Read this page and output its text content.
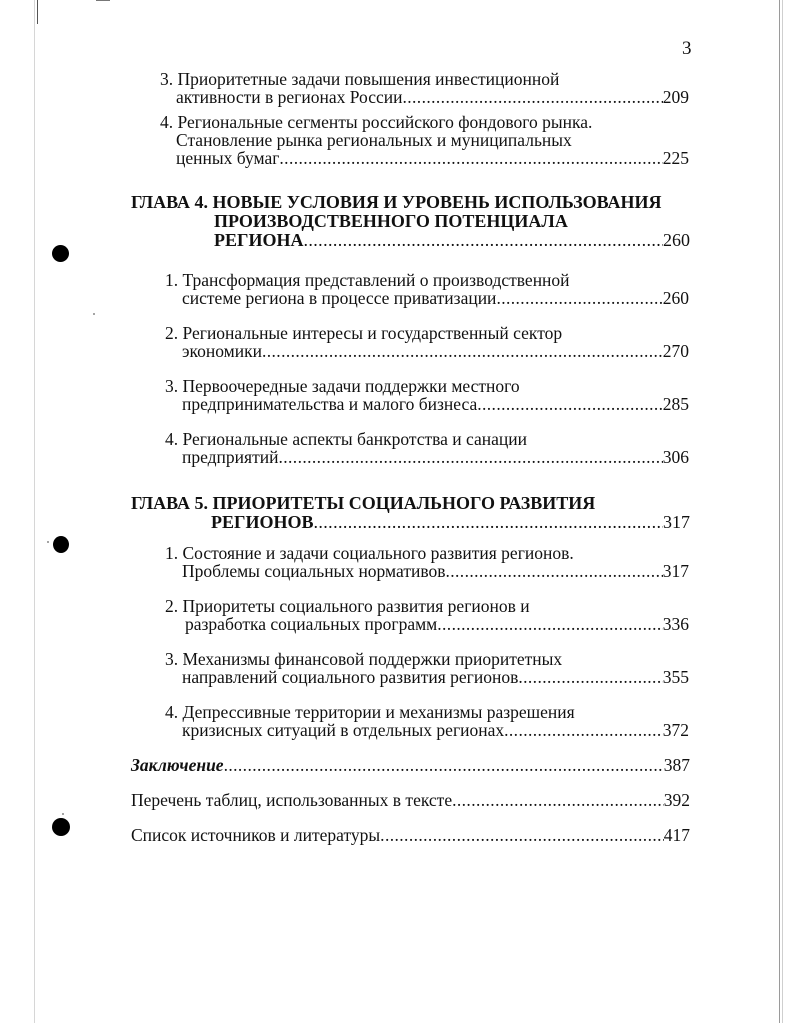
3
3. Приоритетные задачи повышения инвестиционной
активности в регионах России .....	209
4. Региональные сегменты российского фондового рынка.
Становление рынка региональных и муниципальных
ценных бумаг .....	225
ГЛАВА 4. НОВЫЕ УСЛОВИЯ И УРОВЕНЬ ИСПОЛЬЗОВАНИЯ
ПРОИЗВОДСТВЕННОГО ПОТЕНЦИАЛА
РЕГИОНА .....	260
1. Трансформация представлений о производственной
системе региона в процессе приватизации .....	260
2. Региональные интересы и государственный сектор
экономики .....	270
3. Первоочередные задачи поддержки местного
предпринимательства и малого бизнеса .....	285
4. Региональные аспекты банкротства и санации
предприятий .....	306
ГЛАВА 5. ПРИОРИТЕТЫ СОЦИАЛЬНОГО РАЗВИТИЯ
РЕГИОНОВ .....	317
1. Состояние и задачи социального развития регионов.
Проблемы социальных нормативов .....	317
2. Приоритеты социального развития регионов и
разработка социальных программ .....	336
3. Механизмы финансовой поддержки приоритетных
направлений социального развития регионов .....	355
4. Депрессивные территории и механизмы разрешения
кризисных ситуаций в отдельных регионах .....	372
Заключение .....	387
Перечень таблиц, использованных в тексте .....	392
Список источников и литературы .....	417
